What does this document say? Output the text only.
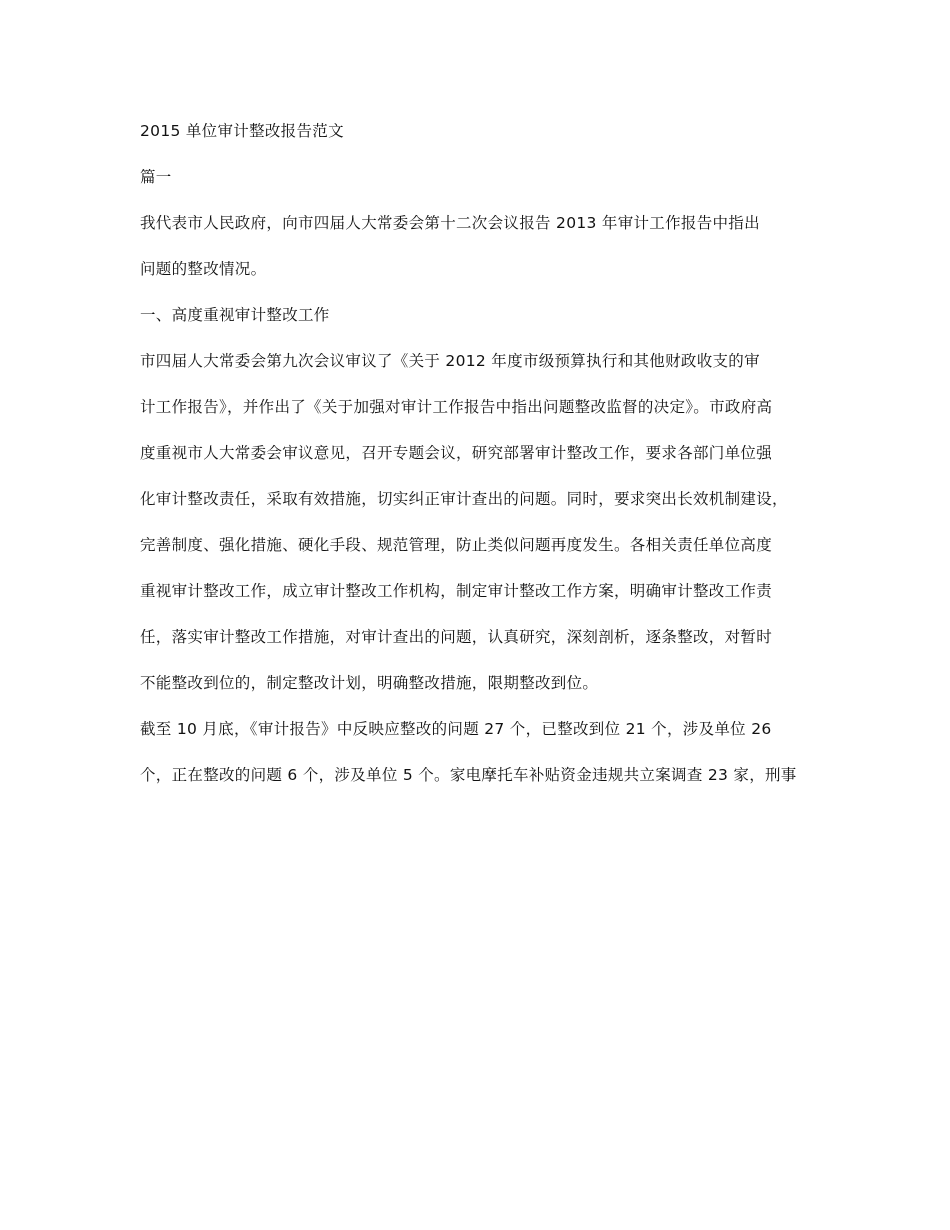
2015 单位审计整改报告范文

篇一

我代表市人民政府，向市四届人大常委会第十二次会议报告 2013 年审计工作报告中指出

问题的整改情况。

一、高度重视审计整改工作

市四届人大常委会第九次会议审议了《关于 2012 年度市级预算执行和其他财政收支的审

计工作报告》，并作出了《关于加强对审计工作报告中指出问题整改监督的决定》。市政府高

度重视市人大常委会审议意见，召开专题会议，研究部署审计整改工作，要求各部门单位强

化审计整改责任，采取有效措施，切实纠正审计查出的问题。同时，要求突出长效机制建设，

完善制度、强化措施、硬化手段、规范管理，防止类似问题再度发生。各相关责任单位高度

重视审计整改工作，成立审计整改工作机构，制定审计整改工作方案，明确审计整改工作责

任，落实审计整改工作措施，对审计查出的问题，认真研究，深刻剖析，逐条整改，对暂时

不能整改到位的，制定整改计划，明确整改措施，限期整改到位。

截至 10 月底，《审计报告》中反映应整改的问题 27 个，已整改到位 21 个，涉及单位 26

个，正在整改的问题 6 个，涉及单位 5 个。家电摩托车补贴资金违规共立案调查 23 家，刑事
